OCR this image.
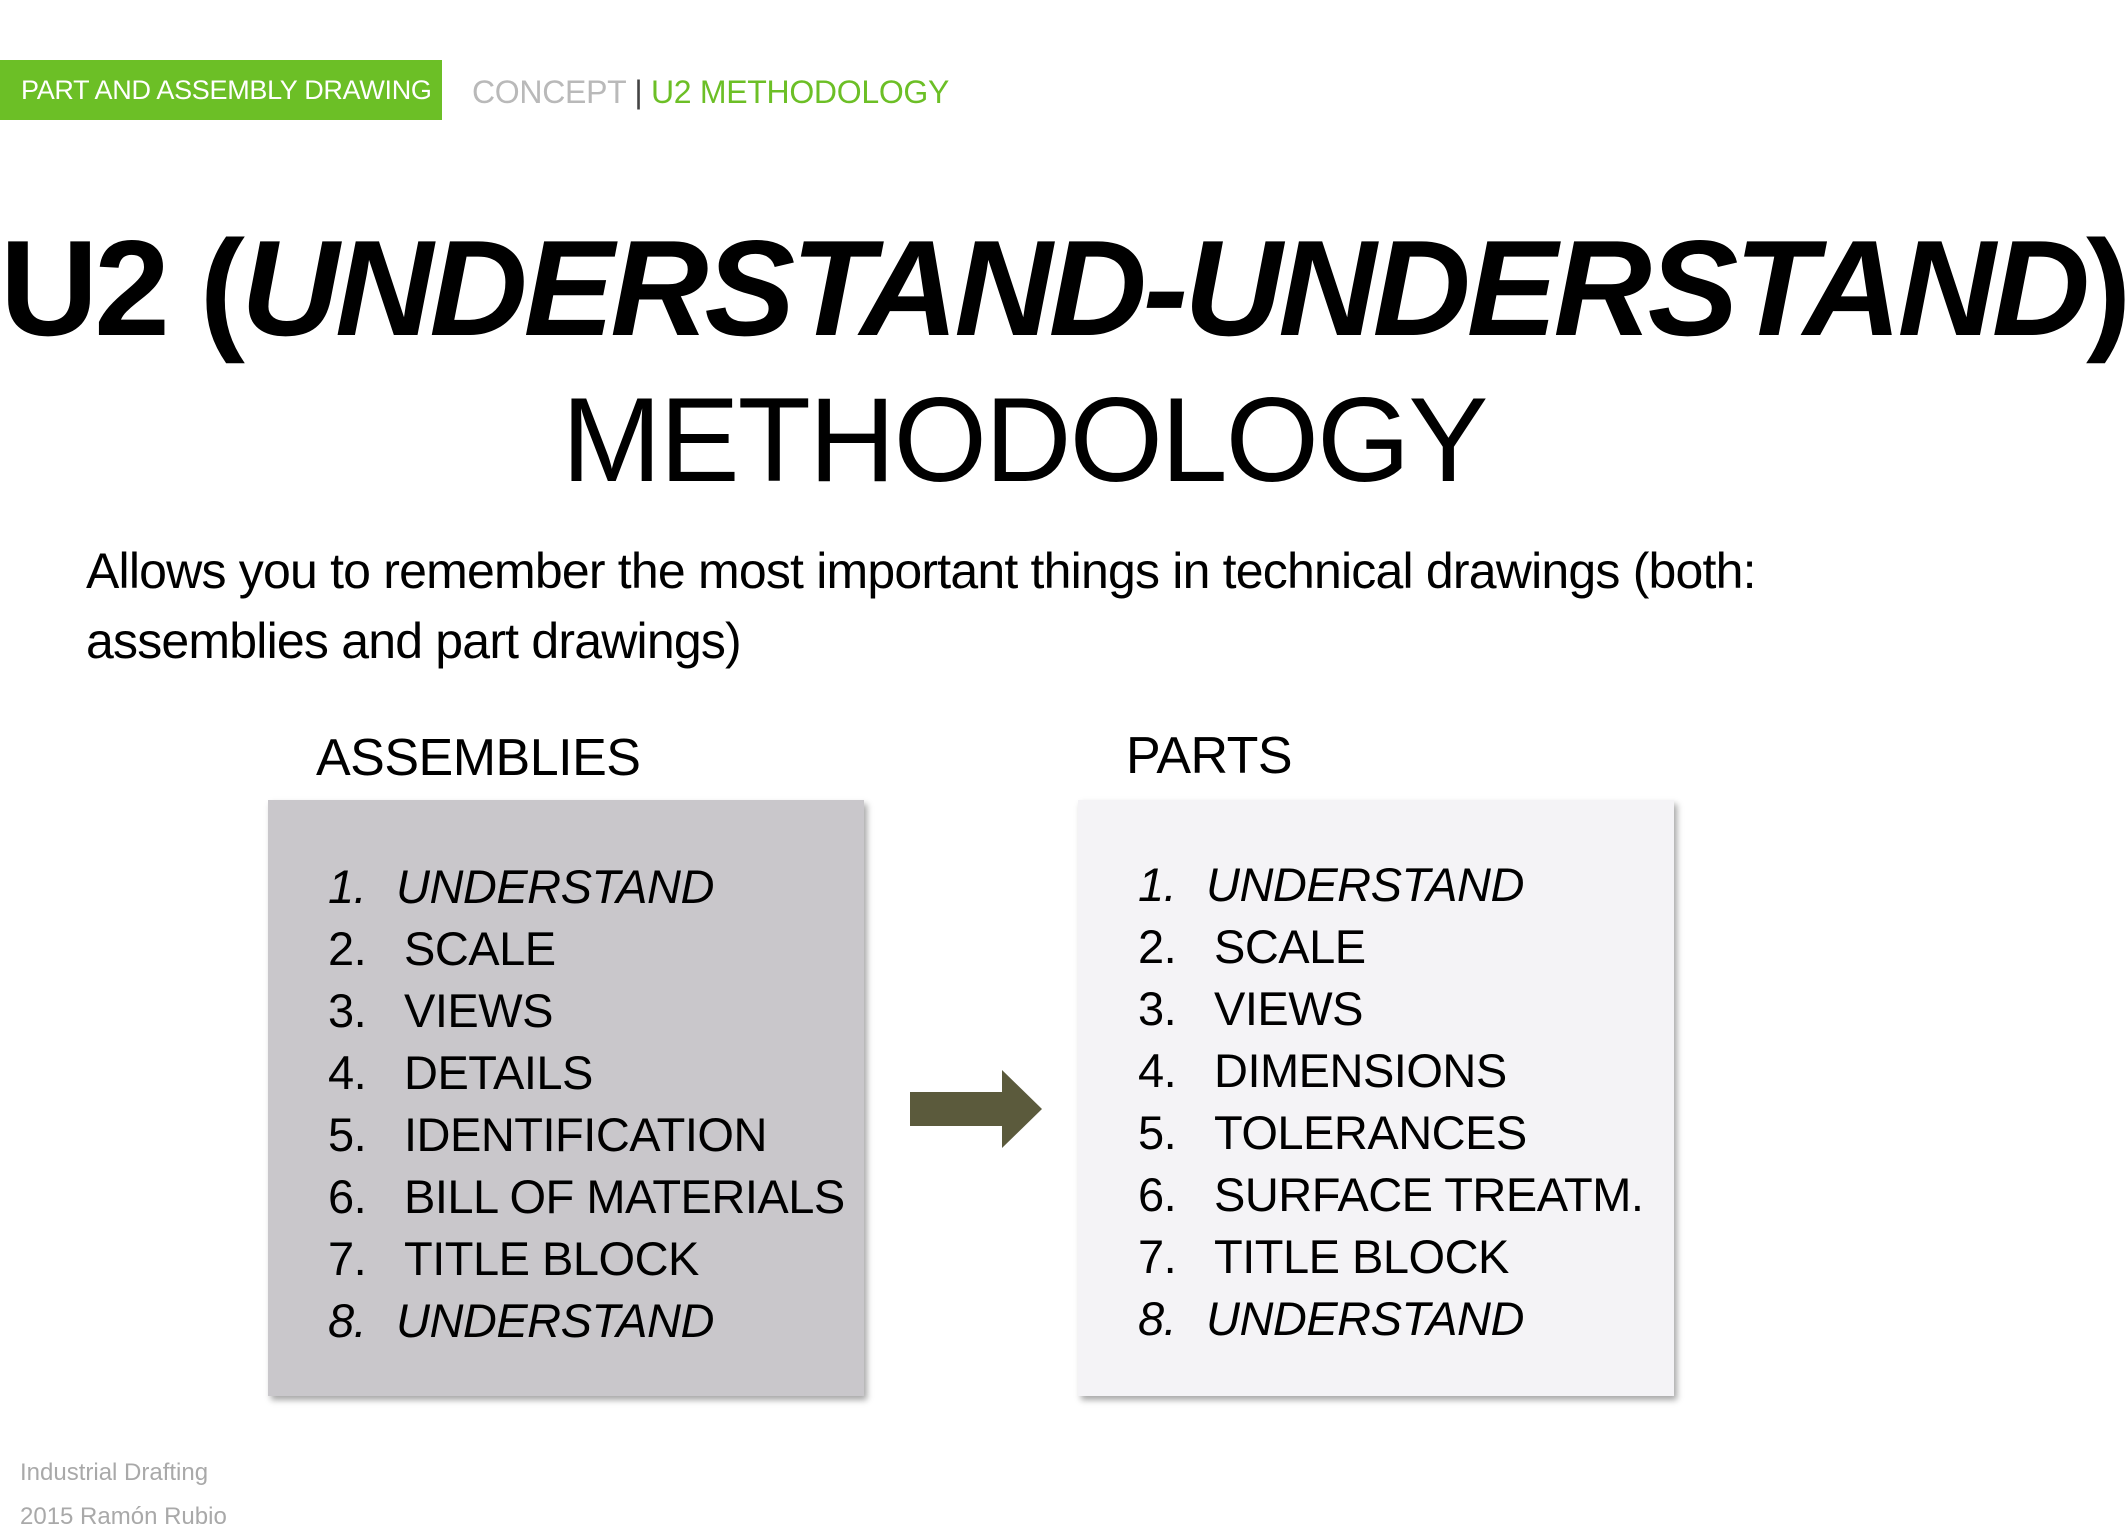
PART AND ASSEMBLY DRAWING	CONCEPT | U2 METHODOLOGY
U2 (UNDERSTAND-UNDERSTAND)
METHODOLOGY
Allows you to remember the most important things in technical drawings (both: assemblies and part drawings)
ASSEMBLIES	PARTS
1. UNDERSTAND
2. SCALE
3. VIEWS
4. DETAILS
5. IDENTIFICATION
6. BILL OF MATERIALS
7. TITLE BLOCK
8. UNDERSTAND
1. UNDERSTAND
2. SCALE
3. VIEWS
4. DIMENSIONS
5. TOLERANCES
6. SURFACE TREATM.
7. TITLE BLOCK
8. UNDERSTAND
Industrial Drafting
2015 Ramón Rubio
